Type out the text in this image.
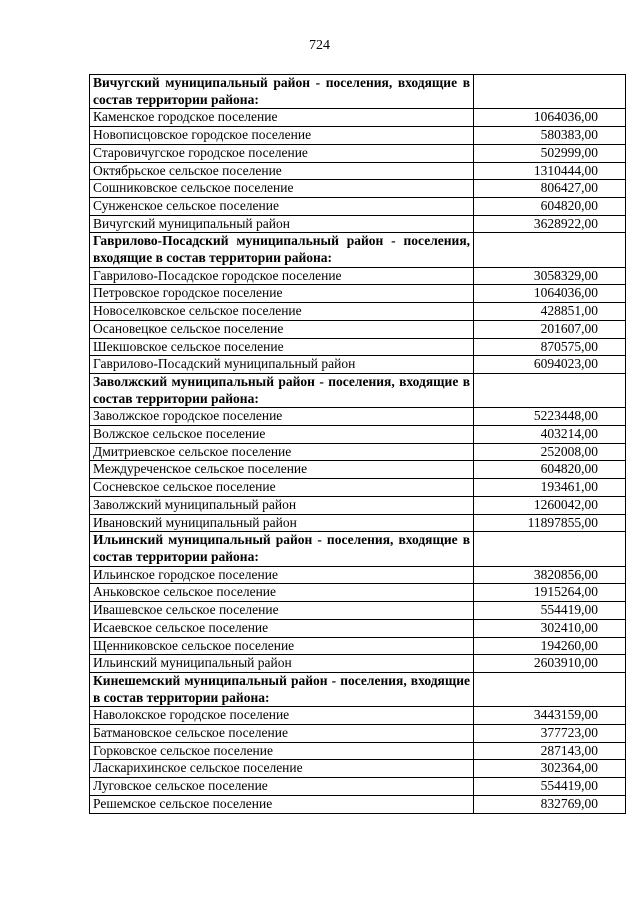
724
Вичугский муниципальный район - поселения, входящие в состав территории района:	
Каменское городское поселение	1064036,00
Новописцовское городское поселение	580383,00
Старовичугское городское поселение	502999,00
Октябрьское сельское поселение	1310444,00
Сошниковское сельское поселение	806427,00
Сунженское сельское поселение	604820,00
Вичугский муниципальный район	3628922,00
Гаврилово-Посадский муниципальный район - поселения, входящие в состав территории района:	
Гаврилово-Посадское городское поселение	3058329,00
Петровское городское поселение	1064036,00
Новоселковское сельское поселение	428851,00
Осановецкое сельское поселение	201607,00
Шекшовское сельское поселение	870575,00
Гаврилово-Посадский муниципальный район	6094023,00
Заволжский муниципальный район - поселения, входящие в состав территории района:	
Заволжское городское поселение	5223448,00
Волжское сельское поселение	403214,00
Дмитриевское сельское поселение	252008,00
Междуреченское сельское поселение	604820,00
Сосневское сельское поселение	193461,00
Заволжский муниципальный район	1260042,00
Ивановский муниципальный район	11897855,00
Ильинский муниципальный район - поселения, входящие в состав территории района:	
Ильинское городское поселение	3820856,00
Аньковское сельское поселение	1915264,00
Ивашевское сельское поселение	554419,00
Исаевское сельское поселение	302410,00
Щенниковское сельское поселение	194260,00
Ильинский муниципальный район	2603910,00
Кинешемский муниципальный район - поселения, входящие в состав территории района:	
Наволокское городское поселение	3443159,00
Батмановское сельское поселение	377723,00
Горковское сельское поселение	287143,00
Ласкарихинское сельское поселение	302364,00
Луговское сельское поселение	554419,00
Решемское сельское поселение	832769,00
